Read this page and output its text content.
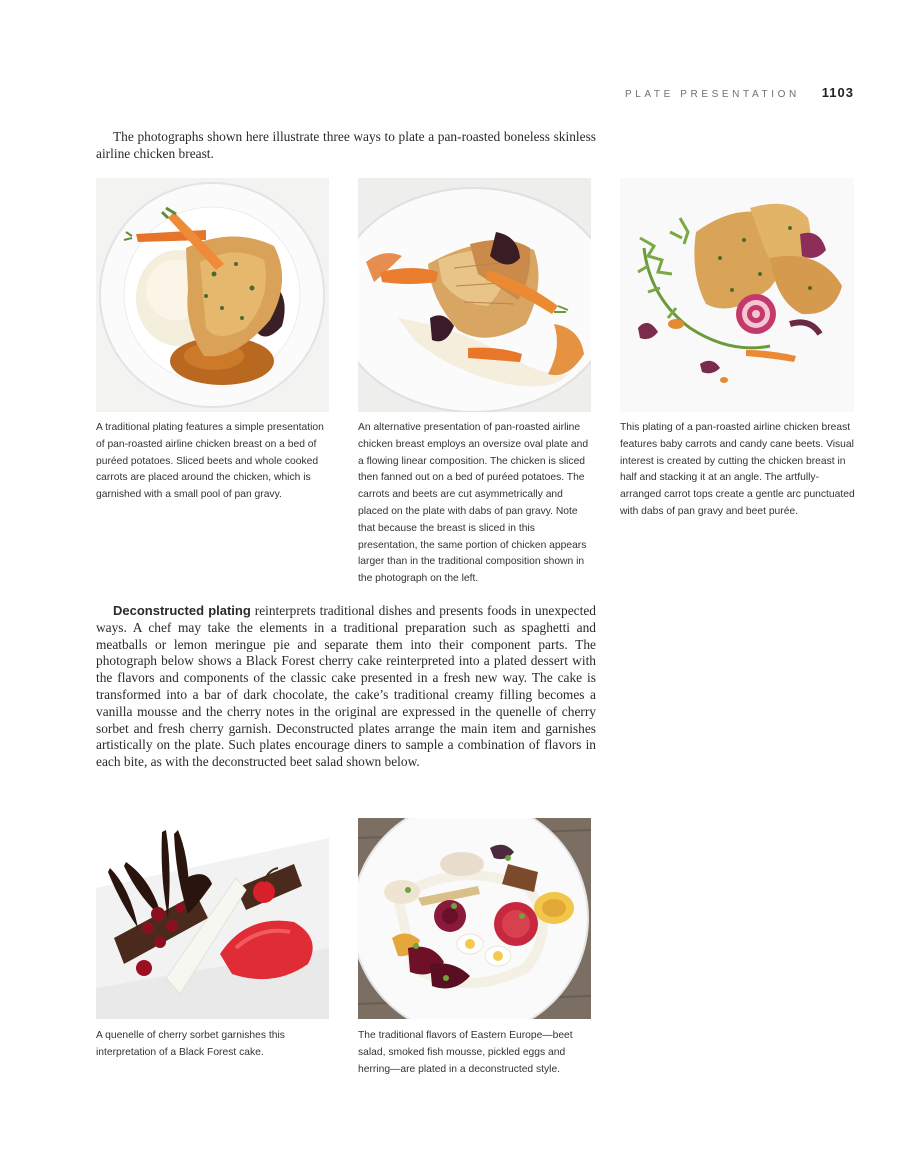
PLATE PRESENTATION 1103

The photographs shown here illustrate three ways to plate a pan-roasted boneless skinless airline chicken breast.

A traditional plating features a simple presentation of pan-roasted airline chicken breast on a bed of puréed potatoes. Sliced beets and whole cooked carrots are placed around the chicken, which is garnished with a small pool of pan gravy.

An alternative presentation of pan-roasted airline chicken breast employs an oversize oval plate and a flowing linear composition. The chicken is sliced then fanned out on a bed of puréed potatoes. The carrots and beets are cut asymmetrically and placed on the plate with dabs of pan gravy. Note that because the breast is sliced in this presentation, the same portion of chicken appears larger than in the traditional composition shown in the photograph on the left.

This plating of a pan-roasted airline chicken breast features baby carrots and candy cane beets. Visual interest is created by cutting the chicken breast in half and stacking it at an angle. The artfully-arranged carrot tops create a gentle arc punctuated with dabs of pan gravy and beet purée.

Deconstructed plating reinterprets traditional dishes and presents foods in unexpected ways. A chef may take the elements in a traditional preparation such as spaghetti and meatballs or lemon meringue pie and separate them into their component parts. The photograph below shows a Black Forest cherry cake reinterpreted into a plated dessert with the flavors and components of the classic cake presented in a fresh new way. The cake is transformed into a bar of dark chocolate, the cake’s traditional creamy filling becomes a vanilla mousse and the cherry notes in the original are expressed in the quenelle of cherry sorbet and fresh cherry garnish. Deconstructed plates arrange the main item and garnishes artistically on the plate. Such plates encourage diners to sample a combination of flavors in each bite, as with the deconstructed beet salad shown below.

A quenelle of cherry sorbet garnishes this interpretation of a Black Forest cake.

The traditional flavors of Eastern Europe—beet salad, smoked fish mousse, pickled eggs and herring—are plated in a deconstructed style.
